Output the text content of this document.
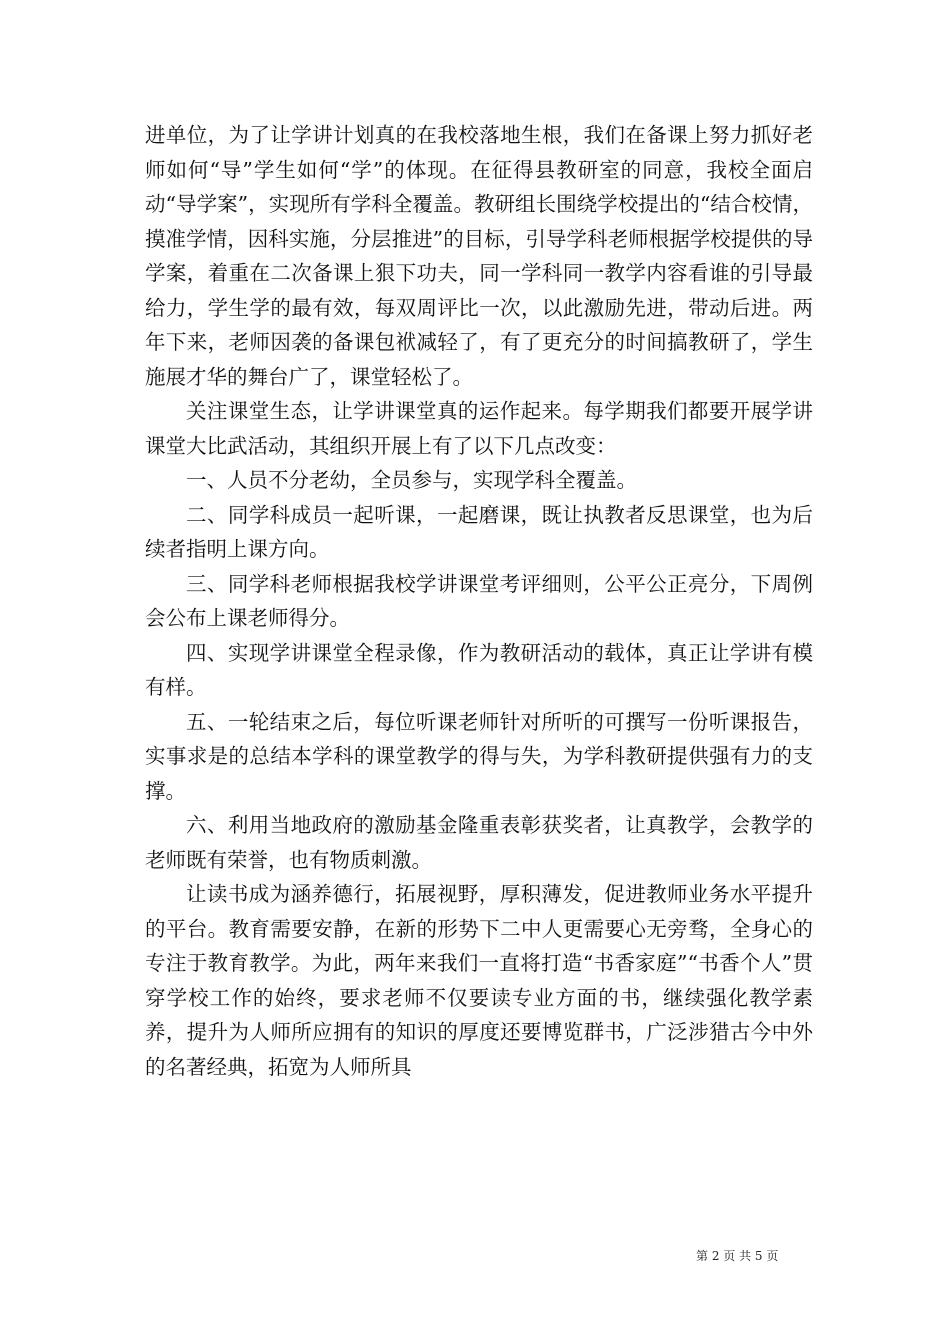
进单位，为了让学讲计划真的在我校落地生根，我们在备课上努力抓好老师如何“导”学生如何“学”的体现。在征得县教研室的同意，我校全面启动“导学案”，实现所有学科全覆盖。教研组长围绕学校提出的“结合校情，摸准学情，因科实施，分层推进”的目标，引导学科老师根据学校提供的导学案，着重在二次备课上狠下功夫，同一学科同一教学内容看谁的引导最给力，学生学的最有效，每双周评比一次，以此激励先进，带动后进。两年下来，老师因袭的备课包袱减轻了，有了更充分的时间搞教研了，学生施展才华的舞台广了，课堂轻松了。

关注课堂生态，让学讲课堂真的运作起来。每学期我们都要开展学讲课堂大比武活动，其组织开展上有了以下几点改变：

一、人员不分老幼，全员参与，实现学科全覆盖。

二、同学科成员一起听课，一起磨课，既让执教者反思课堂，也为后续者指明上课方向。

三、同学科老师根据我校学讲课堂考评细则，公平公正亮分，下周例会公布上课老师得分。

四、实现学讲课堂全程录像，作为教研活动的载体，真正让学讲有模有样。

五、一轮结束之后，每位听课老师针对所听的可撰写一份听课报告，实事求是的总结本学科的课堂教学的得与失，为学科教研提供强有力的支撑。

六、利用当地政府的激励基金隆重表彰获奖者，让真教学，会教学的老师既有荣誉，也有物质刺激。

让读书成为涵养德行，拓展视野，厚积薄发，促进教师业务水平提升的平台。教育需要安静，在新的形势下二中人更需要心无旁骛，全身心的专注于教育教学。为此，两年来我们一直将打造“书香家庭”“书香个人”贯穿学校工作的始终，要求老师不仅要读专业方面的书，继续强化教学素养，提升为人师所应拥有的知识的厚度还要博览群书，广泛涉猎古今中外的名著经典，拓宽为人师所具

第 2 页 共 5 页
